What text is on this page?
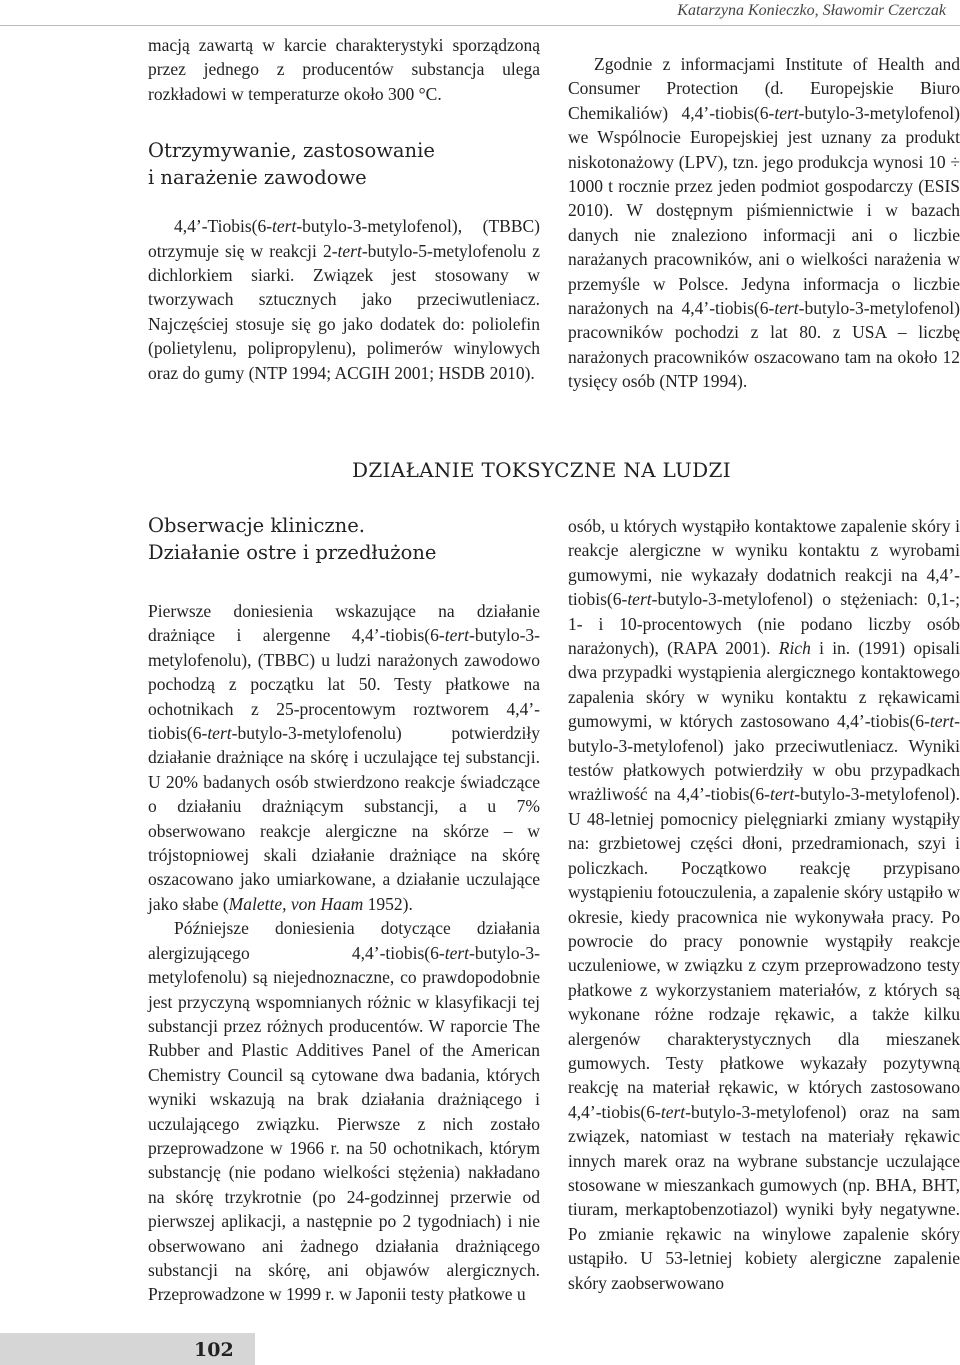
Katarzyna Konieczko, Sławomir Czerczak

macją zawartą w karcie charakterystyki sporządzoną przez jednego z producentów substancja ulega rozkładowi w temperaturze około 300 °C.

Otrzymywanie, zastosowanie
i narażenie zawodowe

4,4’-Tiobis(6-tert-butylo-3-metylofenol), (TBBC) otrzymuje się w reakcji 2-tert-butylo-5-metylofenolu z dichlorkiem siarki. Związek jest stosowany w tworzywach sztucznych jako przeciwutleniacz. Najczęściej stosuje się go jako dodatek do: poliolefin (polietylenu, polipropylenu), polimerów winylowych oraz do gumy (NTP 1994; ACGIH 2001; HSDB 2010).

Zgodnie z informacjami Institute of Health and Consumer Protection (d. Europejskie Biuro Chemikaliów) 4,4’-tiobis(6-tert-butylo-3-metylofenol) we Wspólnocie Europejskiej jest uznany za produkt niskotonażowy (LPV), tzn. jego produkcja wynosi 10 ÷ 1000 t rocznie przez jeden podmiot gospodarczy (ESIS 2010). W dostępnym piśmiennictwie i w bazach danych nie znaleziono informacji ani o liczbie narażanych pracowników, ani o wielkości narażenia w przemyśle w Polsce. Jedyna informacja o liczbie narażonych na 4,4’-tiobis(6-tert-butylo-3-metylofenol) pracowników pochodzi z lat 80. z USA – liczbę narażonych pracowników oszacowano tam na około 12 tysięcy osób (NTP 1994).

DZIAŁANIE TOKSYCZNE NA LUDZI
Obserwacje kliniczne.
Działanie ostre i przedłużone

Pierwsze doniesienia wskazujące na działanie drażniące i alergenne 4,4’-tiobis(6-tert-butylo-3-metylofenolu), (TBBC) u ludzi narażonych zawodowo pochodzą z początku lat 50. Testy płatkowe na ochotnikach z 25-procentowym roztworem 4,4’-tiobis(6-tert-butylo-3-metylofenolu) potwierdziły działanie drażniące na skórę i uczulające tej substancji. U 20% badanych osób stwierdzono reakcje świadczące o działaniu drażniącym substancji, a u 7% obserwowano reakcje alergiczne na skórze – w trójstopniowej skali działanie drażniące na skórę oszacowano jako umiarkowane, a działanie uczulające jako słabe (Malette, von Haam 1952).

Późniejsze doniesienia dotyczące działania alergizującego 4,4’-tiobis(6-tert-butylo-3-metylofenolu) są niejednoznaczne, co prawdopodobnie jest przyczyną wspomnianych różnic w klasyfikacji tej substancji przez różnych producentów. W raporcie The Rubber and Plastic Additives Panel of the American Chemistry Council są cytowane dwa badania, których wyniki wskazują na brak działania drażniącego i uczulającego związku. Pierwsze z nich zostało przeprowadzone w 1966 r. na 50 ochotnikach, którym substancję (nie podano wielkości stężenia) nakładano na skórę trzykrotnie (po 24-godzinnej przerwie od pierwszej aplikacji, a następnie po 2 tygodniach) i nie obserwowano ani żadnego działania drażniącego substancji na skórę, ani objawów alergicznych. Przeprowadzone w 1999 r. w Japonii testy płatkowe u

osób, u których wystąpiło kontaktowe zapalenie skóry i reakcje alergiczne w wyniku kontaktu z wyrobami gumowymi, nie wykazały dodatnich reakcji na 4,4’-tiobis(6-tert-butylo-3-metylofenol) o stężeniach: 0,1-; 1- i 10-procentowych (nie podano liczby osób narażonych), (RAPA 2001). Rich i in. (1991) opisali dwa przypadki wystąpienia alergicznego kontaktowego zapalenia skóry w wyniku kontaktu z rękawicami gumowymi, w których zastosowano 4,4’-tiobis(6-tert-butylo-3-metylofenol) jako przeciwutleniacz. Wyniki testów płatkowych potwierdziły w obu przypadkach wrażliwość na 4,4’-tiobis(6-tert-butylo-3-metylofenol). U 48-letniej pomocnicy pielęgniarki zmiany wystąpiły na: grzbietowej części dłoni, przedramionach, szyi i policzkach. Początkowo reakcję przypisano wystąpieniu fotouczulenia, a zapalenie skóry ustąpiło w okresie, kiedy pracownica nie wykonywała pracy. Po powrocie do pracy ponownie wystąpiły reakcje uczuleniowe, w związku z czym przeprowadzono testy płatkowe z wykorzystaniem materiałów, z których są wykonane różne rodzaje rękawic, a także kilku alergenów charakterystycznych dla mieszanek gumowych. Testy płatkowe wykazały pozytywną reakcję na materiał rękawic, w których zastosowano 4,4’-tiobis(6-tert-butylo-3-metylofenol) oraz na sam związek, natomiast w testach na materiały rękawic innych marek oraz na wybrane substancje uczulające stosowane w mieszankach gumowych (np. BHA, BHT, tiuram, merkaptobenzotiazol) wyniki były negatywne. Po zmianie rękawic na winylowe zapalenie skóry ustąpiło. U 53-letniej kobiety alergiczne zapalenie skóry zaobserwowano

102
